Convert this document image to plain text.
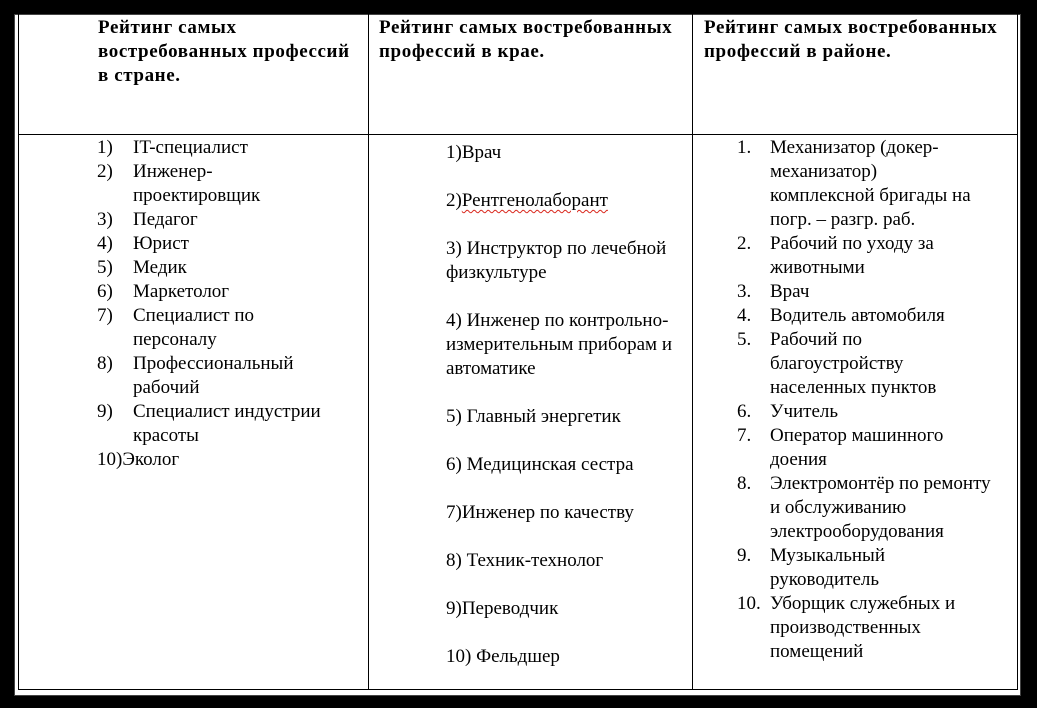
Рейтинг самых востребованных профессий в стране.
Рейтинг самых востребованных профессий в крае.
Рейтинг самых востребованных профессий в районе.
1) IT-специалист
2) Инженер-проектировщик
3) Педагог
4) Юрист
5) Медик
6) Маркетолог
7) Специалист по персоналу
8) Профессиональный рабочий
9) Специалист индустрии красоты
10)Эколог
1)Врач
2)Рентгенолаборант
3) Инструктор по лечебной физкультуре
4) Инженер по контрольно-измерительным приборам и автоматике
5) Главный энергетик
6) Медицинская сестра
7)Инженер по качеству
8) Техник-технолог
9)Переводчик
10) Фельдшер
1. Механизатор (докер-механизатор) комплексной бригады на погр. – разгр. раб.
2. Рабочий по уходу за животными
3. Врач
4. Водитель автомобиля
5. Рабочий по благоустройству населенных пунктов
6. Учитель
7. Оператор машинного доения
8. Электромонтёр по ремонту и обслуживанию электрооборудования
9. Музыкальный руководитель
10. Уборщик служебных и производственных помещений
